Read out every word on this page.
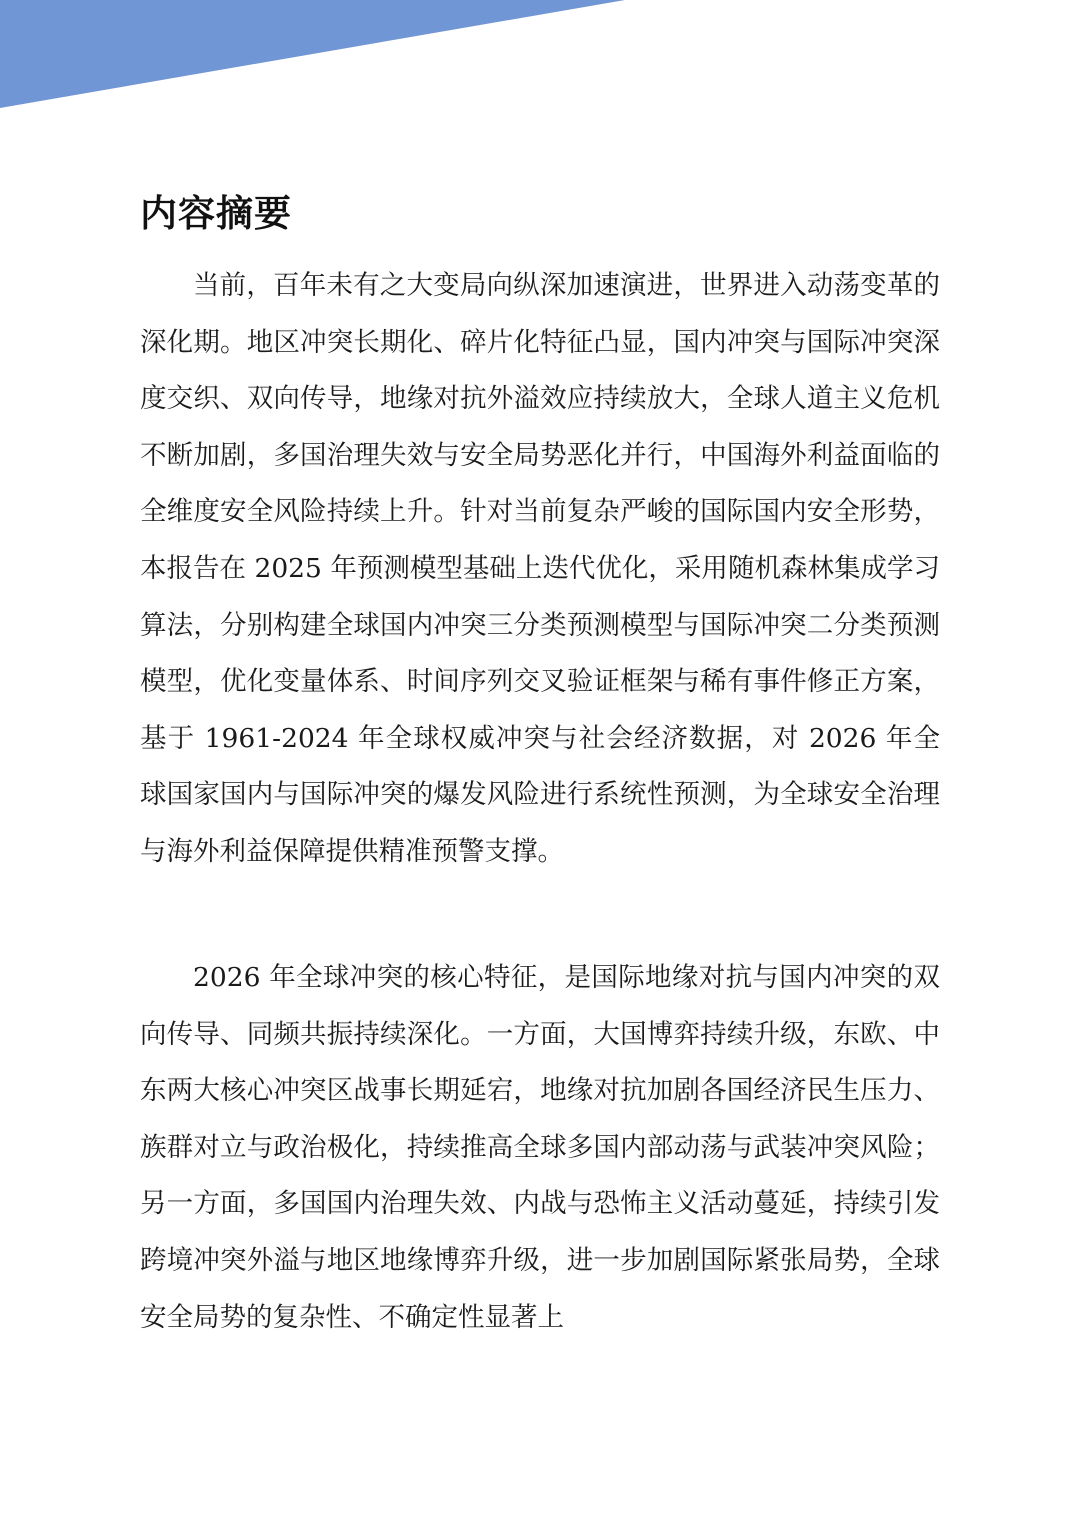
内容摘要

当前，百年未有之大变局向纵深加速演进，世界进入动荡变革的深化期。地区冲突长期化、碎片化特征凸显，国内冲突与国际冲突深度交织、双向传导，地缘对抗外溢效应持续放大，全球人道主义危机不断加剧，多国治理失效与安全局势恶化并行，中国海外利益面临的全维度安全风险持续上升。针对当前复杂严峻的国际国内安全形势，本报告在 2025 年预测模型基础上迭代优化，采用随机森林集成学习算法，分别构建全球国内冲突三分类预测模型与国际冲突二分类预测模型，优化变量体系、时间序列交叉验证框架与稀有事件修正方案，基于 1961-2024 年全球权威冲突与社会经济数据，对 2026 年全球国家国内与国际冲突的爆发风险进行系统性预测，为全球安全治理与海外利益保障提供精准预警支撑。

2026 年全球冲突的核心特征，是国际地缘对抗与国内冲突的双向传导、同频共振持续深化。一方面，大国博弈持续升级，东欧、中东两大核心冲突区战事长期延宕，地缘对抗加剧各国经济民生压力、族群对立与政治极化，持续推高全球多国内部动荡与武装冲突风险；另一方面，多国国内治理失效、内战与恐怖主义活动蔓延，持续引发跨境冲突外溢与地区地缘博弈升级，进一步加剧国际紧张局势，全球安全局势的复杂性、不确定性显著上
